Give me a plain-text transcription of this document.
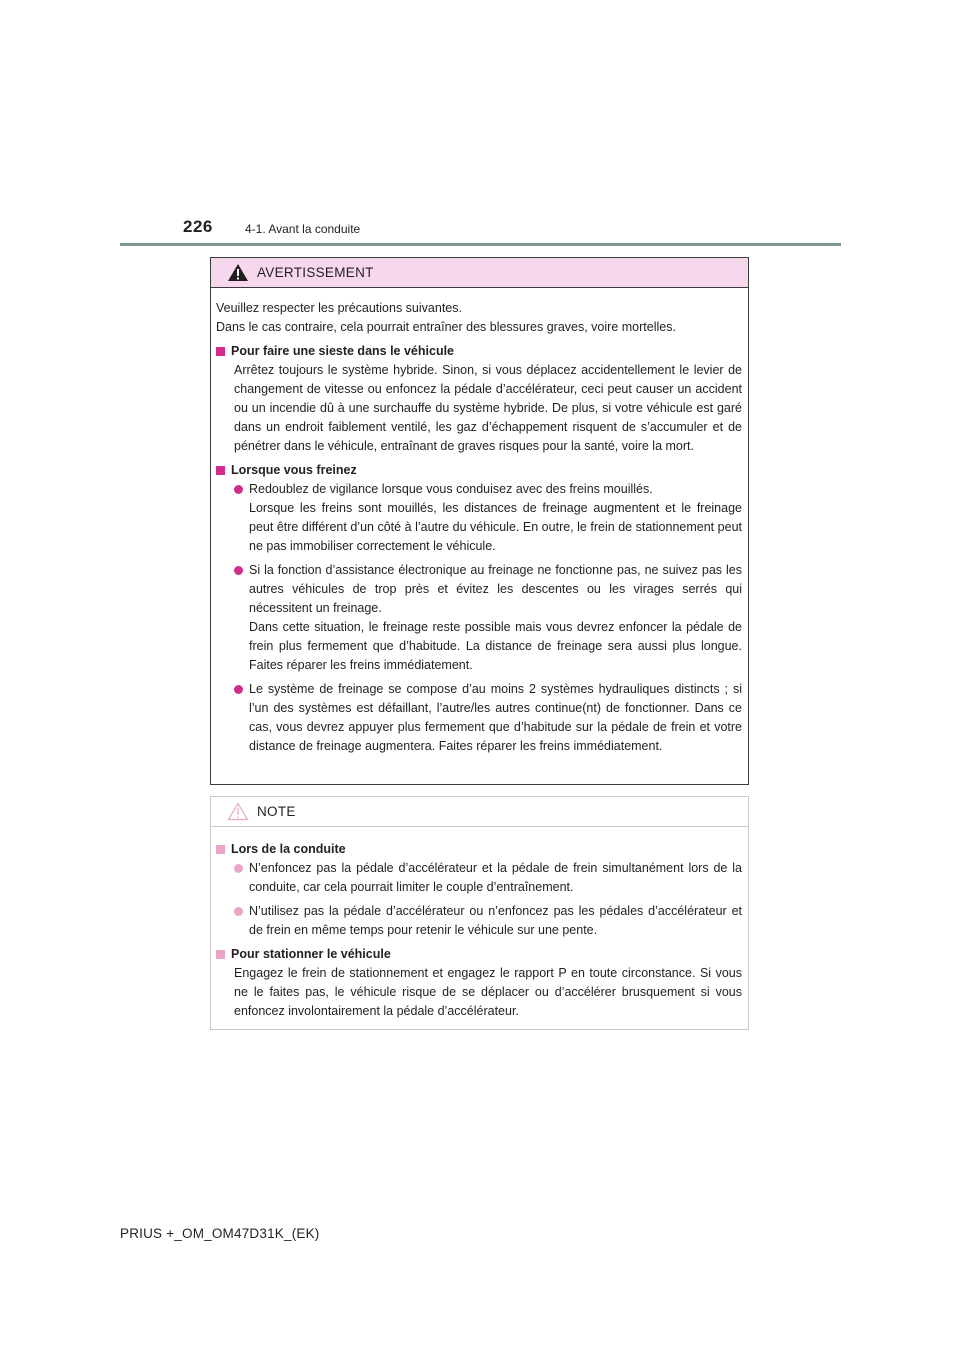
226	4-1. Avant la conduite
AVERTISSEMENT

Veuillez respecter les précautions suivantes.
Dans le cas contraire, cela pourrait entraîner des blessures graves, voire mortelles.

Pour faire une sieste dans le véhicule

Arrêtez toujours le système hybride. Sinon, si vous déplacez accidentellement le levier de changement de vitesse ou enfoncez la pédale d’accélérateur, ceci peut causer un accident ou un incendie dû à une surchauffe du système hybride. De plus, si votre véhicule est garé dans un endroit faiblement ventilé, les gaz d’échappement risquent de s’accumuler et de pénétrer dans le véhicule, entraînant de graves risques pour la santé, voire la mort.

Lorsque vous freinez
Redoublez de vigilance lorsque vous conduisez avec des freins mouillés.
Lorsque les freins sont mouillés, les distances de freinage augmentent et le freinage peut être différent d’un côté à l’autre du véhicule. En outre, le frein de stationnement peut ne pas immobiliser correctement le véhicule.
Si la fonction d’assistance électronique au freinage ne fonctionne pas, ne suivez pas les autres véhicules de trop près et évitez les descentes ou les virages serrés qui nécessitent un freinage.
Dans cette situation, le freinage reste possible mais vous devrez enfoncer la pédale de frein plus fermement que d’habitude. La distance de freinage sera aussi plus longue. Faites réparer les freins immédiatement.
Le système de freinage se compose d’au moins 2 systèmes hydrauliques distincts ; si l’un des systèmes est défaillant, l’autre/les autres continue(nt) de fonctionner. Dans ce cas, vous devrez appuyer plus fermement que d’habitude sur la pédale de frein et votre distance de freinage augmentera. Faites réparer les freins immédiatement.
NOTE
Lors de la conduite
N’enfoncez pas la pédale d’accélérateur et la pédale de frein simultanément lors de la conduite, car cela pourrait limiter le couple d’entraînement.
N’utilisez pas la pédale d’accélérateur ou n’enfoncez pas les pédales d’accélérateur et de frein en même temps pour retenir le véhicule sur une pente.
Pour stationner le véhicule

Engagez le frein de stationnement et engagez le rapport P en toute circonstance. Si vous ne le faites pas, le véhicule risque de se déplacer ou d’accélérer brusquement si vous enfoncez involontairement la pédale d’accélérateur.

PRIUS +_OM_OM47D31K_(EK)
